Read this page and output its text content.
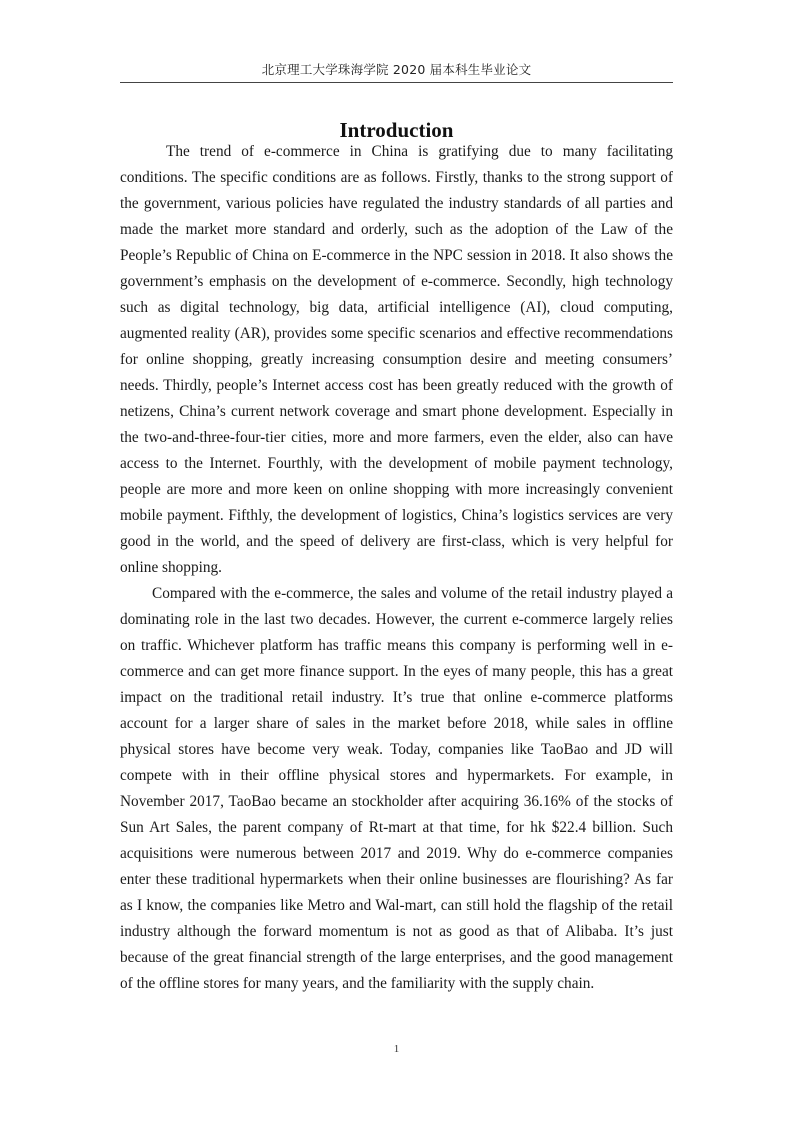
北京理工大学珠海学院 2020 届本科生毕业论文
Introduction

The trend of e-commerce in China is gratifying due to many facilitating conditions. The specific conditions are as follows. Firstly, thanks to the strong support of the government, various policies have regulated the industry standards of all parties and made the market more standard and orderly, such as the adoption of the Law of the People’s Republic of China on E-commerce in the NPC session in 2018. It also shows the government’s emphasis on the development of e-commerce. Secondly, high technology such as digital technology, big data, artificial intelligence (AI), cloud computing, augmented reality (AR), provides some specific scenarios and effective recommendations for online shopping, greatly increasing consumption desire and meeting consumers’ needs. Thirdly, people’s Internet access cost has been greatly reduced with the growth of netizens, China’s current network coverage and smart phone development. Especially in the two-and-three-four-tier cities, more and more farmers, even the elder, also can have access to the Internet. Fourthly, with the development of mobile payment technology, people are more and more keen on online shopping with more increasingly convenient mobile payment. Fifthly, the development of logistics, China’s logistics services are very good in the world, and the speed of delivery are first-class, which is very helpful for online shopping.

Compared with the e-commerce, the sales and volume of the retail industry played a dominating role in the last two decades. However, the current e-commerce largely relies on traffic. Whichever platform has traffic means this company is performing well in e-commerce and can get more finance support. In the eyes of many people, this has a great impact on the traditional retail industry. It’s true that online e-commerce platforms account for a larger share of sales in the market before 2018, while sales in offline physical stores have become very weak. Today, companies like TaoBao and JD will compete with in their offline physical stores and hypermarkets. For example, in November 2017, TaoBao became an stockholder after acquiring 36.16% of the stocks of Sun Art Sales, the parent company of Rt-mart at that time, for hk $22.4 billion. Such acquisitions were numerous between 2017 and 2019. Why do e-commerce companies enter these traditional hypermarkets when their online businesses are flourishing? As far as I know, the companies like Metro and Wal-mart, can still hold the flagship of the retail industry although the forward momentum is not as good as that of Alibaba. It’s just because of the great financial strength of the large enterprises, and the good management of the offline stores for many years, and the familiarity with the supply chain.

1
